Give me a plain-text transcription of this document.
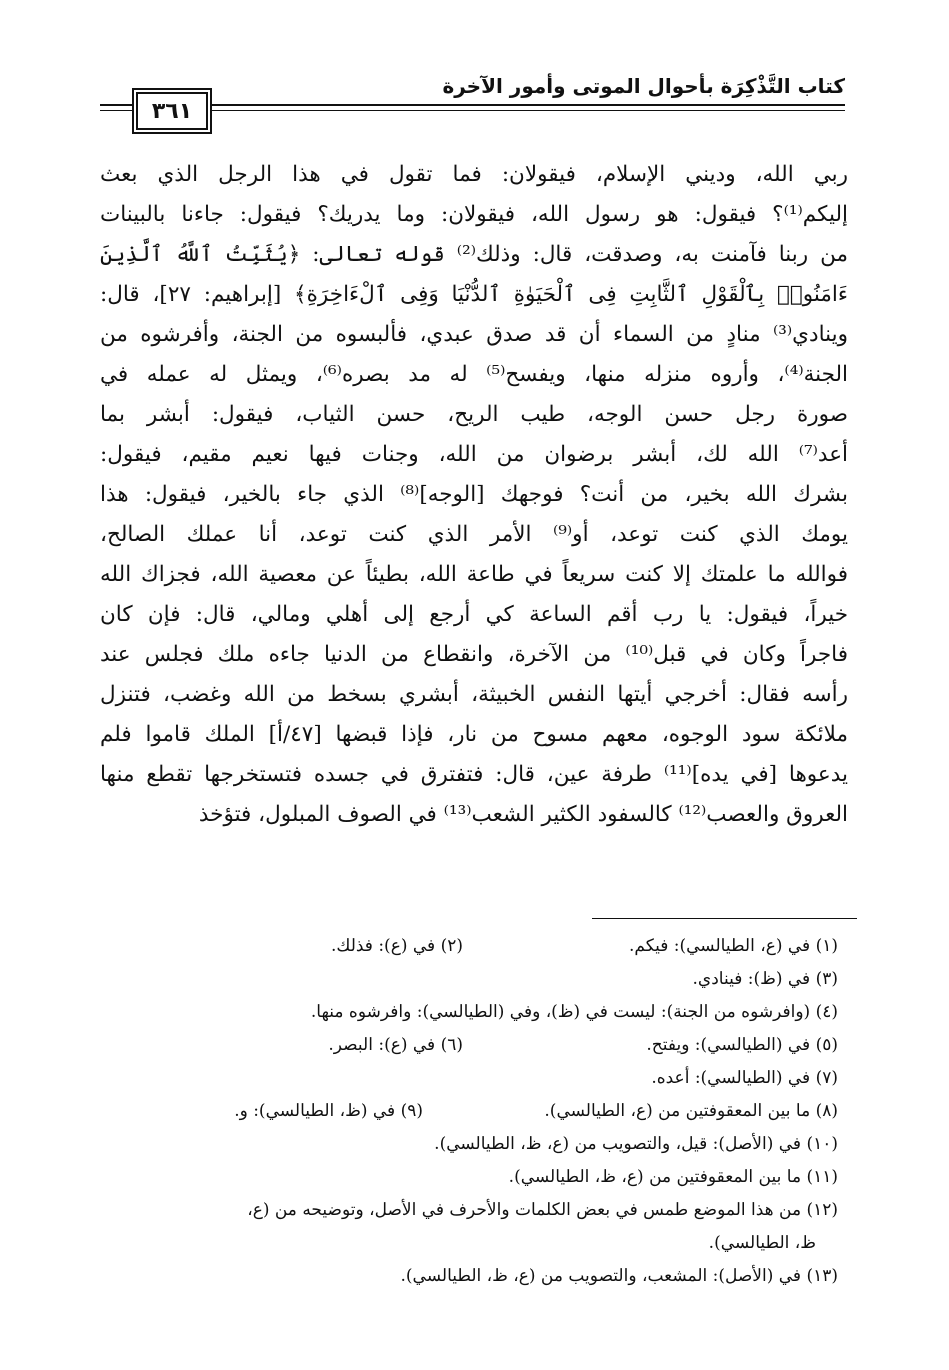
كتاب التَّذْكِرَة بأحوال الموتى وأمور الآخرة
٣٦١
ربي الله، وديني الإسلام، فيقولان: فما تقول في هذا الرجل الذي بعث
إليكم⁽¹⁾؟ فيقول: هو رسول الله، فيقولان: وما يدريك؟ فيقول: جاءنا بالبينات
من ربنا فآمنت به، وصدقت، قال: وذلك⁽²⁾ قوله تعالى: ﴿يُثَبِّتُ ٱللَّهُ ٱلَّذِينَ
ءَامَنُوا۟ بِٱلْقَوْلِ ٱلثَّابِتِ فِى ٱلْحَيَوٰةِ ٱلدُّنْيَا وَفِى ٱلْءَاخِرَةِ﴾ [إبراهيم: ٢٧]، قال:
وينادي⁽³⁾ منادٍ من السماء أن قد صدق عبدي، فألبسوه من الجنة، وأفرشوه من
الجنة⁽⁴⁾، وأروه منزله منها، ويفسح⁽⁵⁾ له مد بصره⁽⁶⁾، ويمثل له عمله في
صورة رجل حسن الوجه، طيب الريح، حسن الثياب، فيقول: أبشر بما
أعد⁽⁷⁾ الله لك، أبشر برضوان من الله، وجنات فيها نعيم مقيم، فيقول:
بشرك الله بخير، من أنت؟ فوجهك [الوجه]⁽⁸⁾ الذي جاء بالخير، فيقول: هذا
يومك الذي كنت توعد، أو⁽⁹⁾ الأمر الذي كنت توعد، أنا عملك الصالح،
فوالله ما علمتك إلا كنت سريعاً في طاعة الله، بطيئاً عن معصية الله، فجزاك الله
خيراً، فيقول: يا رب أقم الساعة كي أرجع إلى أهلي ومالي، قال: فإن كان
فاجراً وكان في قبل⁽¹⁰⁾ من الآخرة، وانقطاع من الدنيا جاءه ملك فجلس عند
رأسه فقال: أخرجي أيتها النفس الخبيثة، أبشري بسخط من الله وغضب، فتنزل
ملائكة سود الوجوه، معهم مسوح من نار، فإذا قبضها [٤٧/أ] الملك قاموا فلم
يدعوها [في يده]⁽¹¹⁾ طرفة عين، قال: فتفترق في جسده فتستخرجها تقطع منها
العروق والعصب⁽¹²⁾ كالسفود الكثير الشعب⁽¹³⁾ في الصوف المبلول، فتؤخذ
(١) في (ع، الطيالسي): فيكم.
(٢) في (ع): فذلك.
(٣) في (ظ): فينادي.
(٤) (وافرشوه من الجنة): ليست في (ظ)، وفي (الطيالسي): وافرشوه منها.
(٥) في (الطيالسي): ويفتح.
(٦) في (ع): البصر.
(٧) في (الطيالسي): أعده.
(٨) ما بين المعقوفتين من (ع، الطيالسي).
(٩) في (ظ، الطيالسي): و.
(١٠) في (الأصل): قيل، والتصويب من (ع، ظ، الطيالسي).
(١١) ما بين المعقوفتين من (ع، ظ، الطيالسي).
(١٢) من هذا الموضع طمس في بعض الكلمات والأحرف في الأصل، وتوضيحه من (ع،
ظ، الطيالسي).
(١٣) في (الأصل): المشعب، والتصويب من (ع، ظ، الطيالسي).
